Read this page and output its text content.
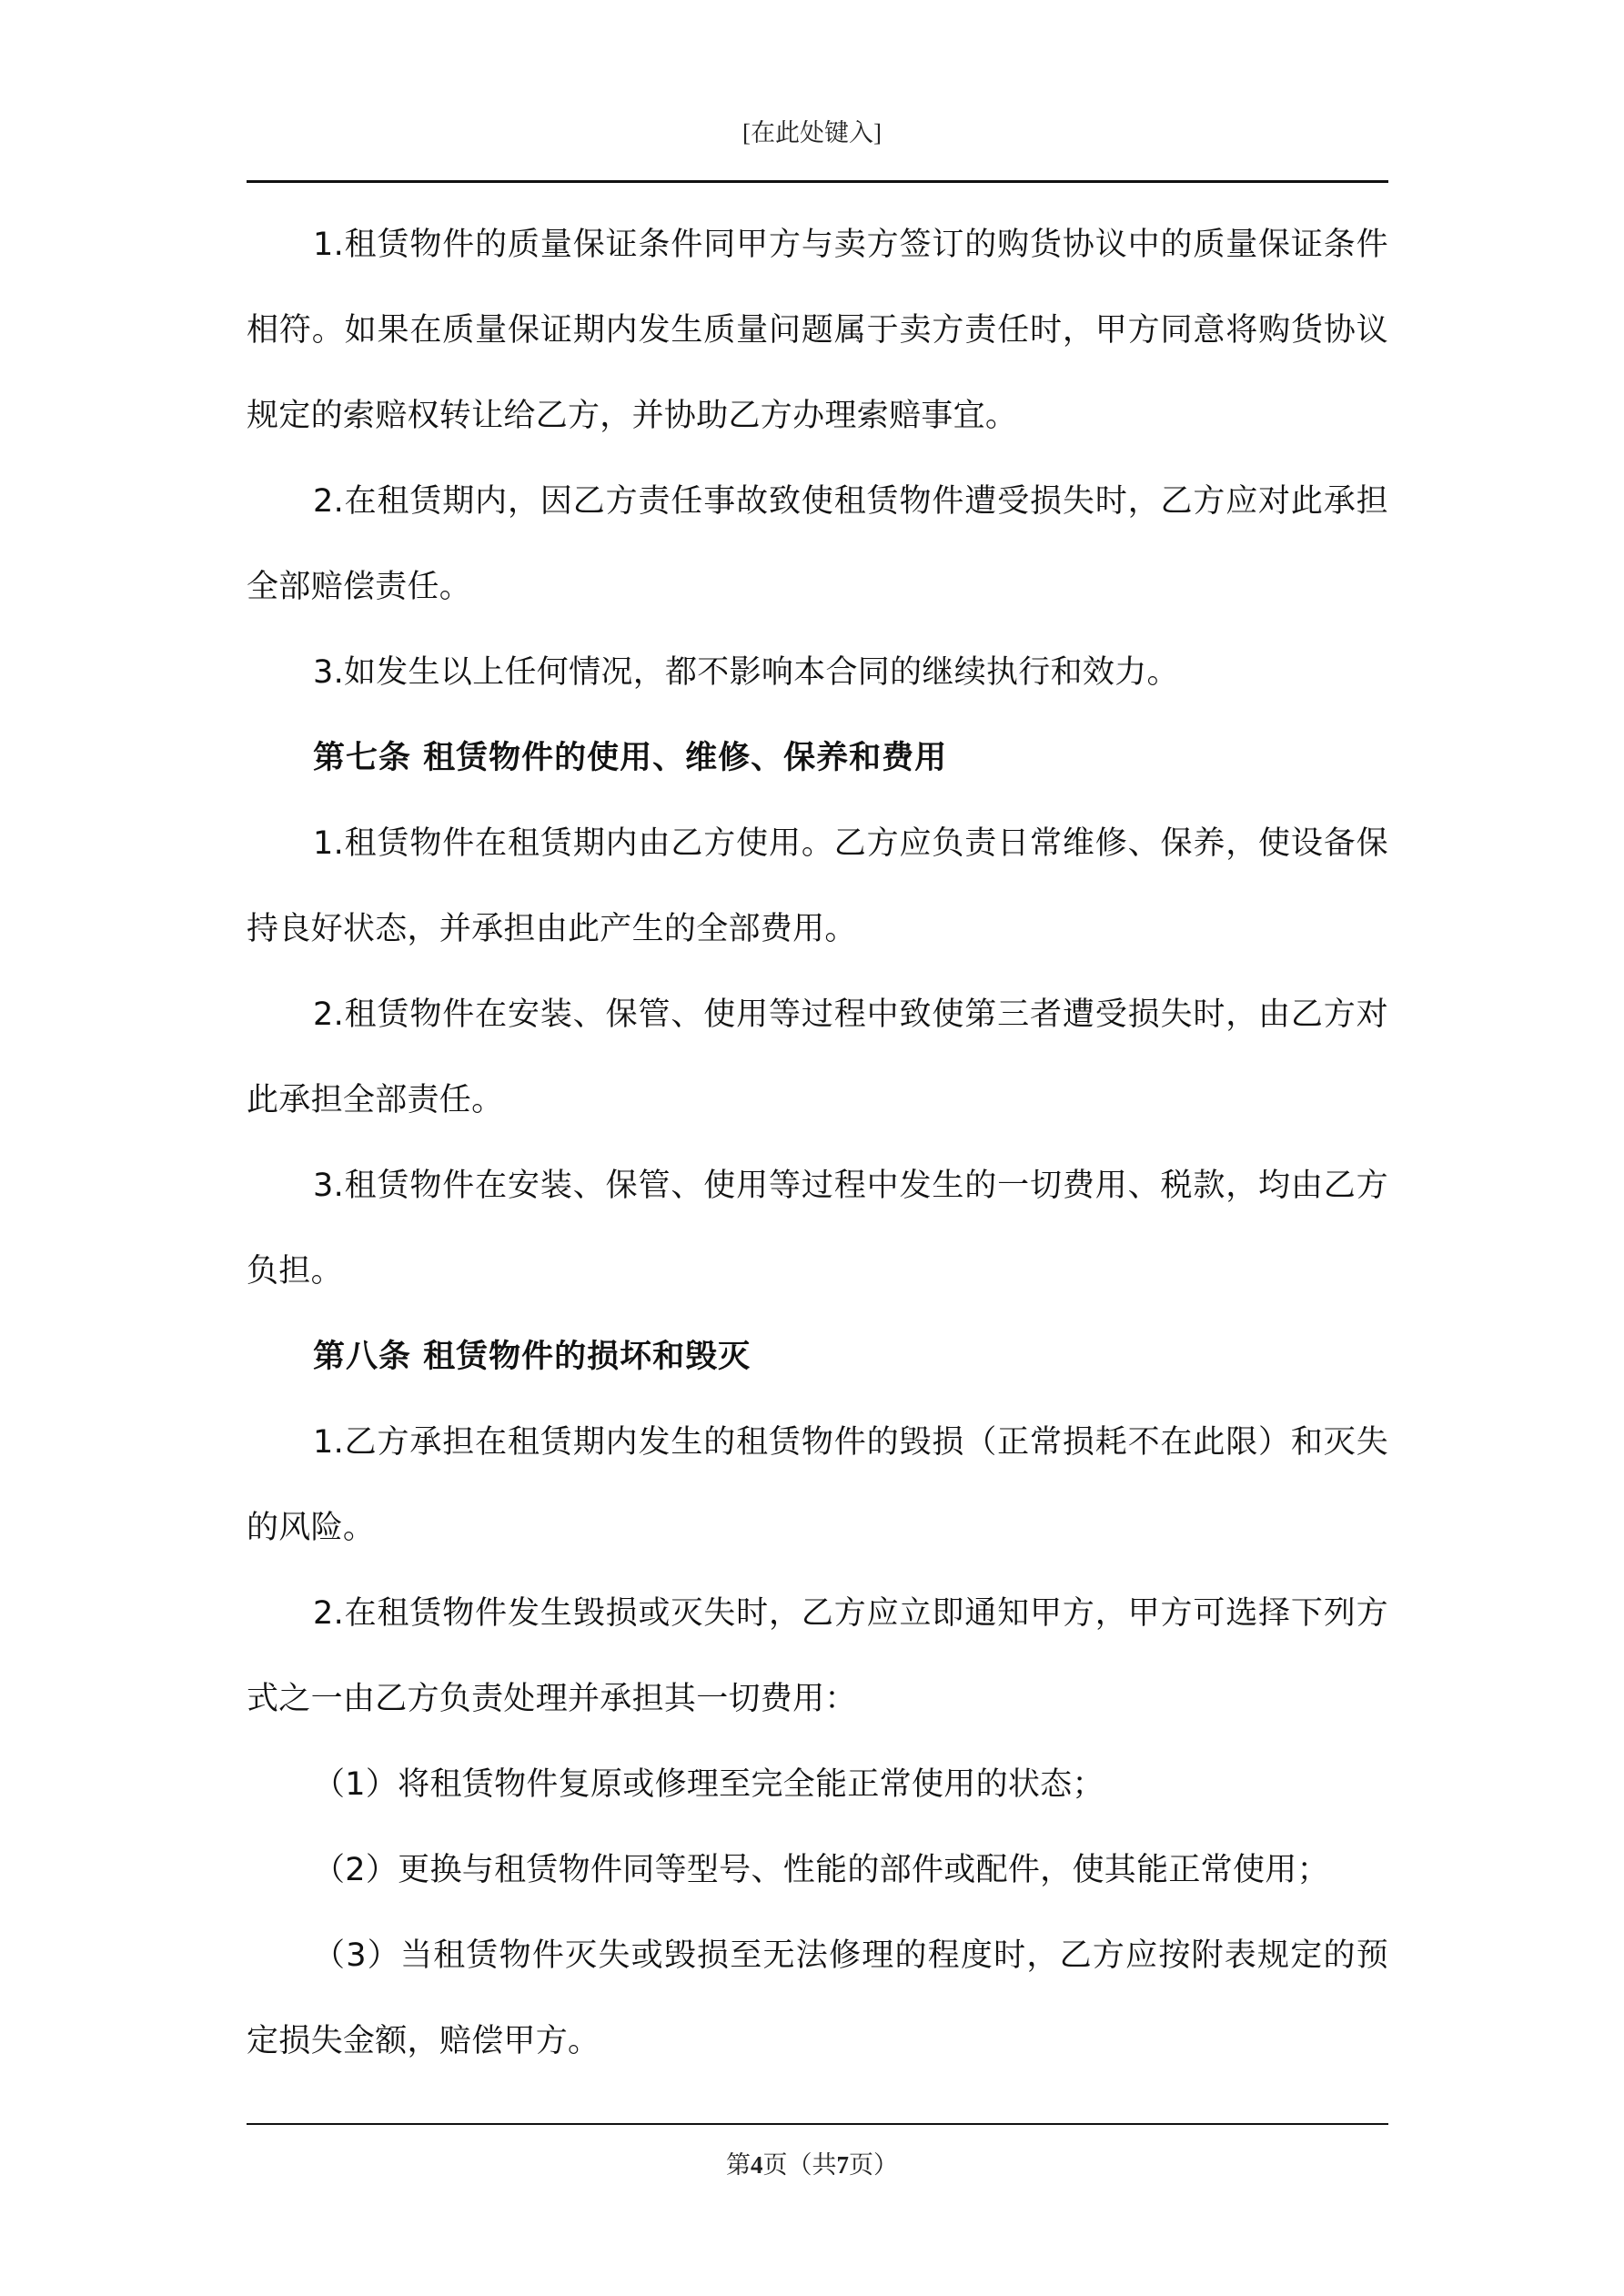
[在此处键入]

1.租赁物件的质量保证条件同甲方与卖方签订的购货协议中的质量保证条件相符。如果在质量保证期内发生质量问题属于卖方责任时，甲方同意将购货协议规定的索赔权转让给乙方，并协助乙方办理索赔事宜。

2.在租赁期内，因乙方责任事故致使租赁物件遭受损失时，乙方应对此承担全部赔偿责任。

3.如发生以上任何情况，都不影响本合同的继续执行和效力。

第七条 租赁物件的使用、维修、保养和费用

1.租赁物件在租赁期内由乙方使用。乙方应负责日常维修、保养，使设备保持良好状态，并承担由此产生的全部费用。

2.租赁物件在安装、保管、使用等过程中致使第三者遭受损失时，由乙方对此承担全部责任。

3.租赁物件在安装、保管、使用等过程中发生的一切费用、税款，均由乙方负担。

第八条 租赁物件的损坏和毁灭

1.乙方承担在租赁期内发生的租赁物件的毁损（正常损耗不在此限）和灭失的风险。

2.在租赁物件发生毁损或灭失时，乙方应立即通知甲方，甲方可选择下列方式之一由乙方负责处理并承担其一切费用：

（1）将租赁物件复原或修理至完全能正常使用的状态；

（2）更换与租赁物件同等型号、性能的部件或配件，使其能正常使用；

（3）当租赁物件灭失或毁损至无法修理的程度时，乙方应按附表规定的预定损失金额，赔偿甲方。

第4页（共7页）
